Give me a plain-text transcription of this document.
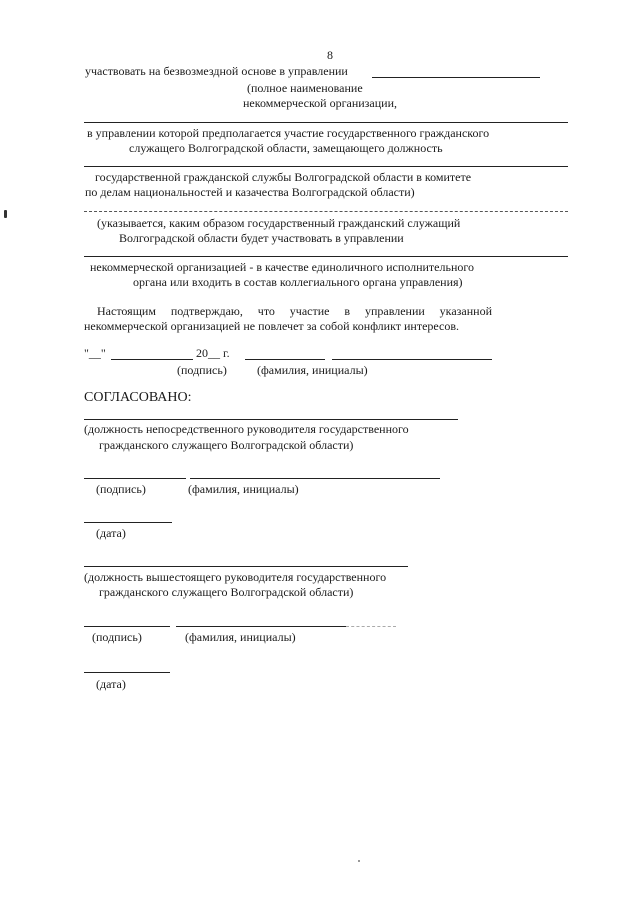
8
участвовать на безвозмездной основе в управлении
(полное наименование
некоммерческой организации,
в управлении которой предполагается участие государственного гражданского
служащего Волгоградской области, замещающего должность
государственной гражданской службы Волгоградской области в комитете
по делам национальностей и казачества Волгоградской области)
(указывается, каким образом государственный гражданский служащий
Волгоградской области будет участвовать в управлении
некоммерческой организацией - в качестве единоличного исполнительного
органа или входить в состав коллегиального органа управления)
Настоящим подтверждаю, что участие в управлении указанной
некоммерческой организацией не повлечет за собой конфликт интересов.
"__"	20__ г.
(подпись)	(фамилия, инициалы)
СОГЛАСОВАНО:
(должность непосредственного руководителя государственного
гражданского служащего Волгоградской области)
(подпись)	(фамилия, инициалы)
(дата)
(должность вышестоящего руководителя государственного
гражданского служащего Волгоградской области)
(подпись)	(фамилия, инициалы)
(дата)
